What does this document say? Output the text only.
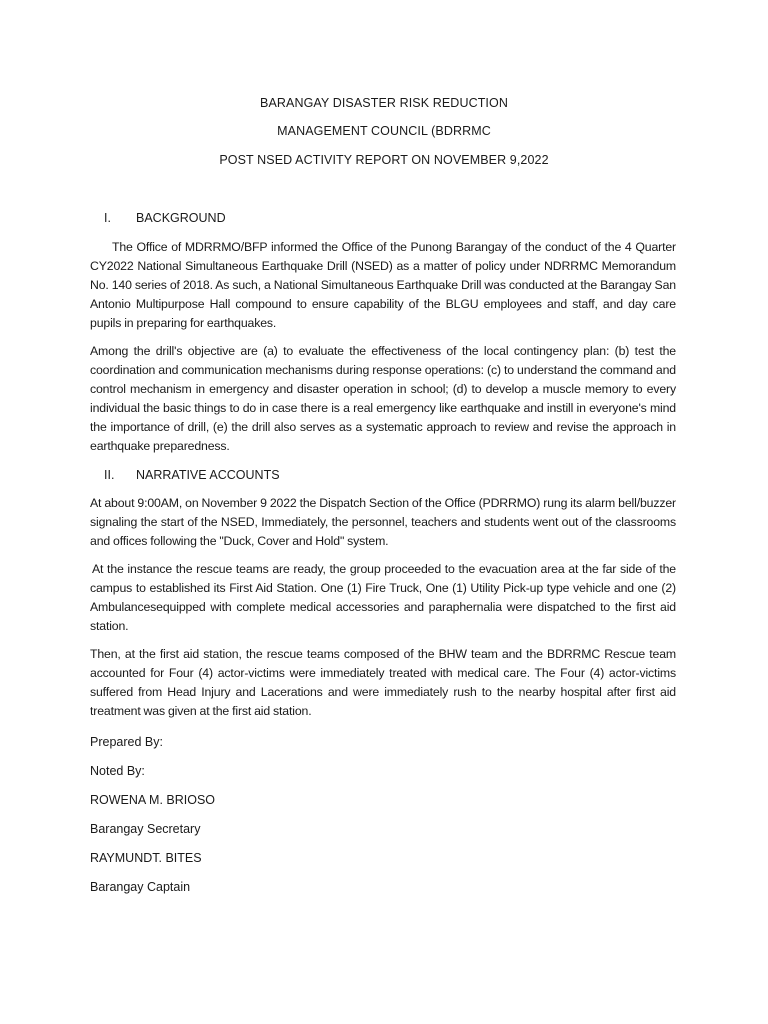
BARANGAY DISASTER RISK REDUCTION
MANAGEMENT COUNCIL (BDRRMC
POST NSED ACTIVITY REPORT ON NOVEMBER 9,2022
I. BACKGROUND

The Office of MDRRMO/BFP informed the Office of the Punong Barangay of the conduct of the 4 Quarter CY2022 National Simultaneous Earthquake Drill (NSED) as a matter of policy under NDRRMC Memorandum No. 140 series of 2018. As such, a National Simultaneous Earthquake Drill was conducted at the Barangay San Antonio Multipurpose Hall compound to ensure capability of the BLGU employees and staff, and day care pupils in preparing for earthquakes.

Among the drill's objective are (a) to evaluate the effectiveness of the local contingency plan: (b) test the coordination and communication mechanisms during response operations: (c) to understand the command and control mechanism in emergency and disaster operation in school; (d) to develop a muscle memory to every individual the basic things to do in case there is a real emergency like earthquake and instill in everyone's mind the importance of drill, (e) the drill also serves as a systematic approach to review and revise the approach in earthquake preparedness.

II. NARRATIVE ACCOUNTS

At about 9:00AM, on November 9 2022 the Dispatch Section of the Office (PDRRMO) rung its alarm bell/buzzer signaling the start of the NSED, Immediately, the personnel, teachers and students went out of the classrooms and offices following the "Duck, Cover and Hold" system.

At the instance the rescue teams are ready, the group proceeded to the evacuation area at the far side of the campus to established its First Aid Station. One (1) Fire Truck, One (1) Utility Pick-up type vehicle and one (2) Ambulancesequipped with complete medical accessories and paraphernalia were dispatched to the first aid station.

Then, at the first aid station, the rescue teams composed of the BHW team and the BDRRMC Rescue team accounted for Four (4) actor-victims were immediately treated with medical care. The Four (4) actor-victims suffered from Head Injury and Lacerations and were immediately rush to the nearby hospital after first aid treatment was given at the first aid station.

Prepared By:
Noted By:
ROWENA M. BRIOSO
Barangay Secretary
RAYMUNDT. BITES
Barangay Captain
